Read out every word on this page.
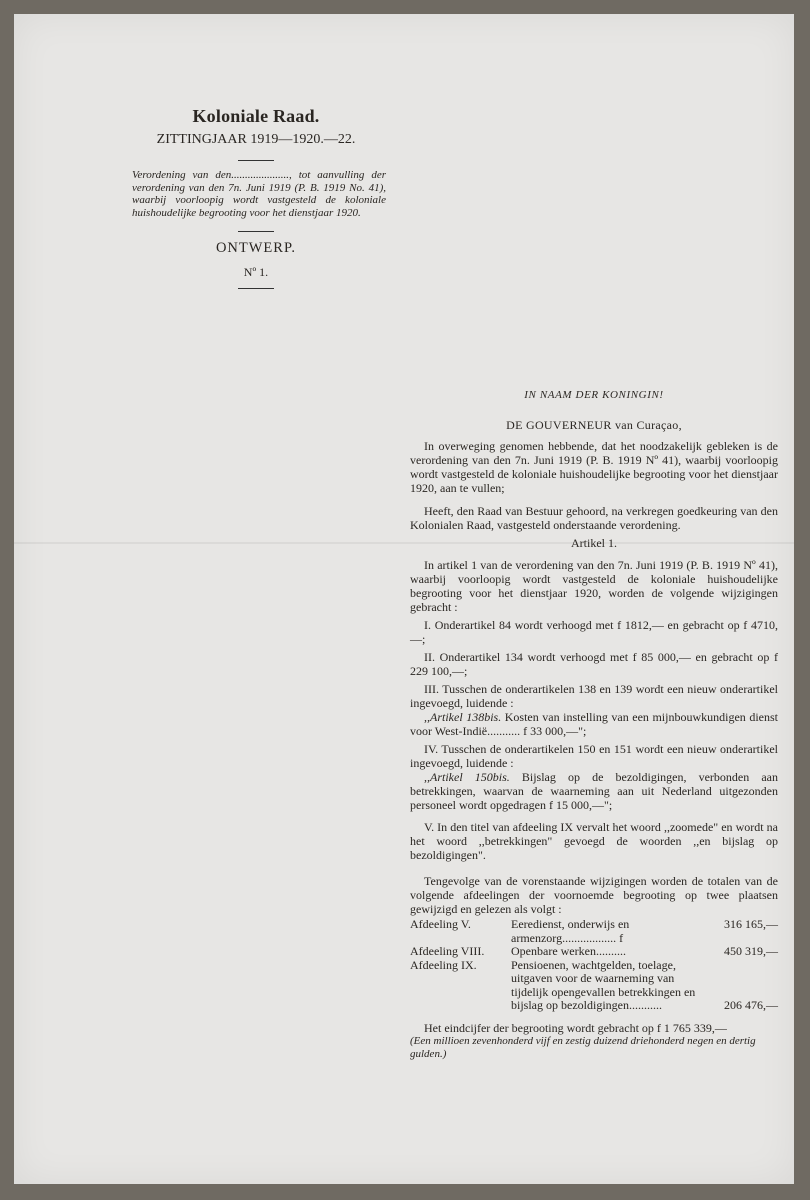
Koloniale Raad.
ZITTINGJAAR 1919—1920.—22.

Verordening van den....................., tot aanvulling der verordening van den 7n. Juni 1919 (P. B. 1919 No. 41), waarbij voorloopig wordt vastgesteld de koloniale huishoudelijke begrooting voor het dienstjaar 1920.

ONTWERP.
Nº 1.

IN NAAM DER KONINGIN!

DE GOUVERNEUR van Curaçao,

In overweging genomen hebbende, dat het noodzakelijk gebleken is de verordening van den 7n. Juni 1919 (P. B. 1919 Nº 41), waarbij voorloopig wordt vastgesteld de koloniale huishoudelijke begrooting voor het dienstjaar 1920, aan te vullen;

Heeft, den Raad van Bestuur gehoord, na verkregen goedkeuring van den Kolonialen Raad, vastgesteld onderstaande verordening.

Artikel 1.

In artikel 1 van de verordening van den 7n. Juni 1919 (P. B. 1919 Nº 41), waarbij voorloopig wordt vastgesteld de koloniale huishoudelijke begrooting voor het dienstjaar 1920, worden de volgende wijzigingen gebracht :

I. Onderartikel 84 wordt verhoogd met f 1812,— en gebracht op f 4710,—;

II. Onderartikel 134 wordt verhoogd met f 85 000,— en gebracht op f 229 100,—;

III. Tusschen de onderartikelen 138 en 139 wordt een nieuw onderartikel ingevoegd, luidende :

,,Artikel 138bis. Kosten van instelling van een mijnbouwkundigen dienst voor West-Indië........... f 33 000,—";

IV. Tusschen de onderartikelen 150 en 151 wordt een nieuw onderartikel ingevoegd, luidende :

,,Artikel 150bis. Bijslag op de bezoldigingen, verbonden aan betrekkingen, waarvan de waarneming aan uit Nederland uitgezonden personeel wordt opgedragen f 15 000,—";

V. In den titel van afdeeling IX vervalt het woord ,,zoomede" en wordt na het woord ,,betrekkingen" gevoegd de woorden ,,en bijslag op bezoldigingen".

Tengevolge van de vorenstaande wijzigingen worden de totalen van de volgende afdeelingen der voornoemde begrooting op twee plaatsen gewijzigd en gelezen als volgt :

Afdeeling V.	Eeredienst, onderwijs en armenzorg.................. f	316 165,—
Afdeeling VIII.	Openbare werken..........	450 319,—
Afdeeling IX.	Pensioenen, wachtgelden, toelage, uitgaven voor de waarneming van tijdelijk opengevallen betrekkingen en bijslag op bezoldigingen...........	206 476,—

Het eindcijfer der begrooting wordt gebracht op f 1 765 339,—

(Een millioen zevenhonderd vijf en zestig duizend driehonderd negen en dertig gulden.)
